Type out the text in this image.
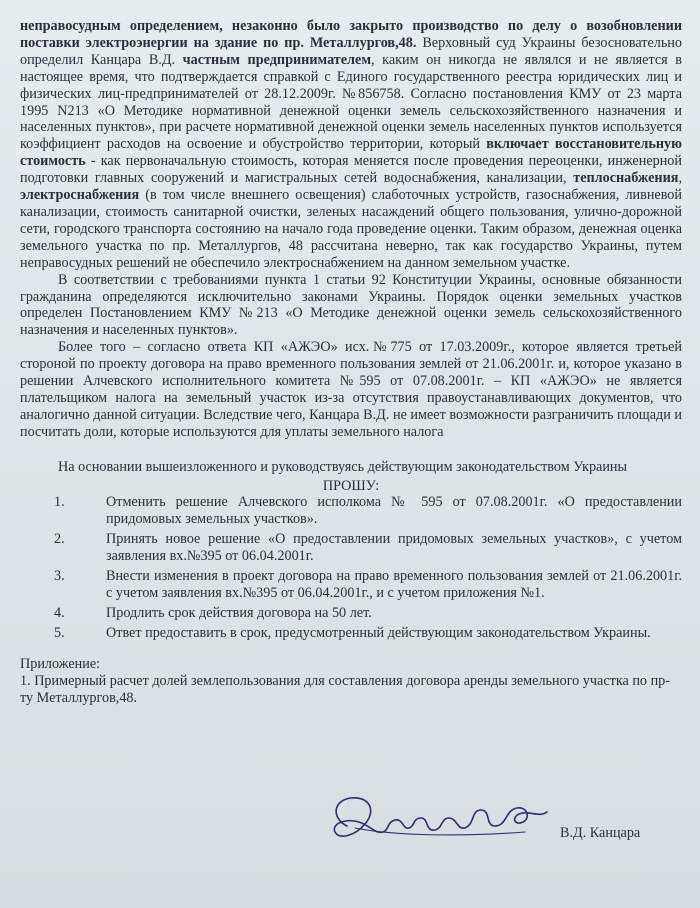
неправосудным определением, незаконно было закрыто производство по делу о возобновлении поставки электроэнергии на здание по пр. Металлургов,48. Верховный суд Украины безосновательно определил Канцара В.Д. частным предпринимателем, каким он никогда не являлся и не является в настоящее время, что подтверждается справкой с Единого государственного реестра юридических лиц и физических лиц-предпринимателей от 28.12.2009г. №856758. Согласно постановления КМУ от 23 марта 1995 N213 «О Методике нормативной денежной оценки земель сельскохозяйственного назначения и населенных пунктов», при расчете нормативной денежной оценки земель населенных пунктов используется коэффициент расходов на освоение и обустройство территории, который включает восстановительную стоимость - как первоначальную стоимость, которая меняется после проведения переоценки, инженерной подготовки главных сооружений и магистральных сетей водоснабжения, канализации, теплоснабжения, электроснабжения (в том числе внешнего освещения) слаботочных устройств, газоснабжения, ливневой канализации, стоимость санитарной очистки, зеленых насаждений общего пользования, улично-дорожной сети, городского транспорта состоянию на начало года проведение оценки. Таким образом, денежная оценка земельного участка по пр. Металлургов, 48 рассчитана неверно, так как государство Украины, путем неправосудных решений не обеспечило электроснабжением на данном земельном участке.

В соответствии с требованиями пункта 1 статьи 92 Конституции Украины, основные обязанности гражданина определяются исключительно законами Украины. Порядок оценки земельных участков определен Постановлением КМУ №213 «О Методике денежной оценки земель сельскохозяйственного назначения и населенных пунктов».

Более того – согласно ответа КП «АЖЭО» исх.№775 от 17.03.2009г., которое является третьей стороной по проекту договора на право временного пользования землей от 21.06.2001г. и, которое указано в решении Алчевского исполнительного комитета №595 от 07.08.2001г. – КП «АЖЭО» не является плательщиком налога на земельный участок из-за отсутствия правоустанавливающих документов, что аналогично данной ситуации. Вследствие чего, Канцара В.Д. не имеет возможности разграничить площади и посчитать доли, которые используются для уплаты земельного налога

На основании вышеизложенного и руководствуясь действующим законодательством Украины

ПРОШУ:

1.	Отменить решение Алчевского исполкома № 595 от 07.08.2001г. «О предоставлении придомовых земельных участков».
2.	Принять новое решение «О предоставлении придомовых земельных участков», с учетом заявления вх.№395 от 06.04.2001г.
3.	Внести изменения в проект договора на право временного пользования землей от 21.06.2001г. с учетом заявления вх.№395 от 06.04.2001г., и с учетом приложения №1.
4.	Продлить срок действия договора на 50 лет.
5.	Ответ предоставить в срок, предусмотренный действующим законодательством Украины.

Приложение:

1. Примерный расчет долей землепользования для составления договора аренды земельного участка по пр-ту Металлургов,48.

В.Д. Канцара
